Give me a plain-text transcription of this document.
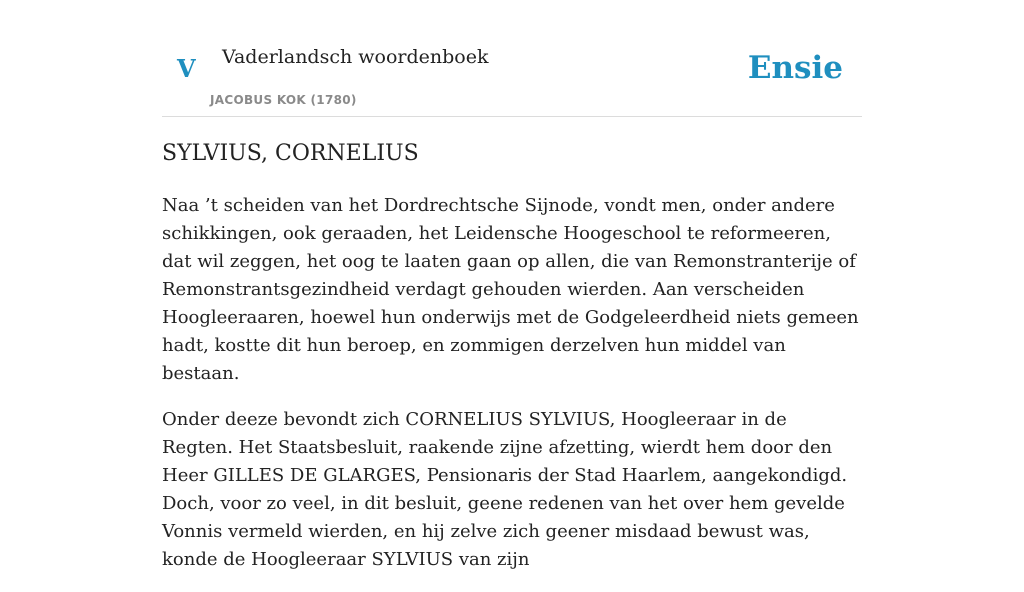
V Vaderlandsch woordenboek
JACOBUS KOK (1780)
Ensie
SYLVIUS, CORNELIUS

Naa ’t scheiden van het Dordrechtsche Sijnode, vondt men, onder andere schikkingen, ook geraaden, het Leidensche Hoogeschool te reformeeren, dat wil zeggen, het oog te laaten gaan op allen, die van Remonstranterije of Remonstrantsgezindheid verdagt gehouden wierden. Aan verscheiden Hoogleeraaren, hoewel hun onderwijs met de Godgeleerdheid niets gemeen hadt, kostte dit hun beroep, en zommigen derzelven hun middel van bestaan.

Onder deeze bevondt zich CORNELIUS SYLVIUS, Hoogleeraar in de Regten. Het Staatsbesluit, raakende zijne afzetting, wierdt hem door den Heer GILLES DE GLARGES, Pensionaris der Stad Haarlem, aangekondigd. Doch, voor zo veel, in dit besluit, geene redenen van het over hem gevelde Vonnis vermeld wierden, en hij zelve zich geener misdaad bewust was, konde de Hoogleeraar SYLVIUS van zijn
